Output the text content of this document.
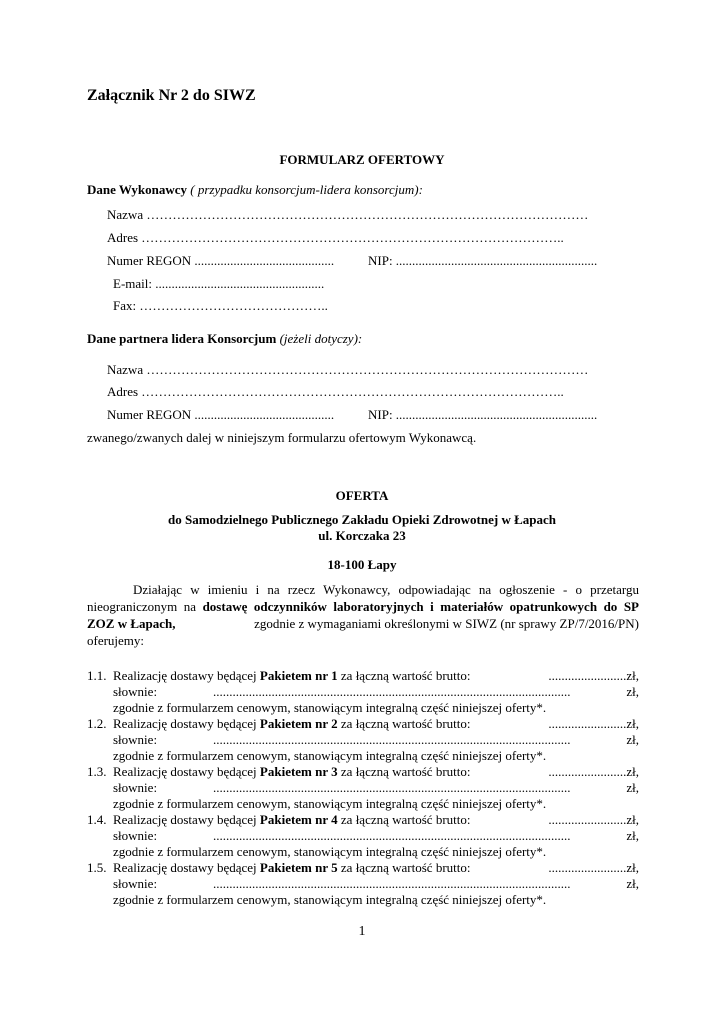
Załącznik Nr 2 do SIWZ
FORMULARZ OFERTOWY
Dane Wykonawcy ( przypadku konsorcjum-lidera konsorcjum):
Nazwa …………………………………………………………………………………………
Adres ……………………………………………………………………………………..
Numer REGON ...........................................	NIP: ..............................................................
E-mail: ....................................................
Fax: ……………………………………..
Dane partnera lidera Konsorcjum (jeżeli dotyczy):
Nazwa …………………………………………………………………………………………
Adres ……………………………………………………………………………………..
Numer REGON ...........................................	NIP: ..............................................................
zwanego/zwanych dalej w niniejszym formularzu ofertowym Wykonawcą.
OFERTA
do Samodzielnego Publicznego Zakładu Opieki Zdrowotnej w Łapach
ul. Korczaka 23
18-100 Łapy
Działając w imieniu i na rzecz Wykonawcy, odpowiadając na ogłoszenie - o przetargu
nieograniczonym na dostawę odczynników laboratoryjnych i materiałów opatrunkowych do SP
ZOZ w Łapach,	zgodnie z wymaganiami określonymi w SIWZ (nr sprawy ZP/7/2016/PN)
oferujemy:
1.1. Realizację dostawy będącej Pakietem nr 1 za łączną wartość brutto:	........................zł,
słownie:	..............................................................................................................	zł,
zgodnie z formularzem cenowym, stanowiącym integralną część niniejszej oferty*.
1.2. Realizację dostawy będącej Pakietem nr 2 za łączną wartość brutto:	........................zł,
słownie:	..............................................................................................................	zł,
zgodnie z formularzem cenowym, stanowiącym integralną część niniejszej oferty*.
1.3. Realizację dostawy będącej Pakietem nr 3 za łączną wartość brutto:	........................zł,
słownie:	..............................................................................................................	zł,
zgodnie z formularzem cenowym, stanowiącym integralną część niniejszej oferty*.
1.4. Realizację dostawy będącej Pakietem nr 4 za łączną wartość brutto:	........................zł,
słownie:	..............................................................................................................	zł,
zgodnie z formularzem cenowym, stanowiącym integralną część niniejszej oferty*.
1.5. Realizację dostawy będącej Pakietem nr 5 za łączną wartość brutto:	........................zł,
słownie:	..............................................................................................................	zł,
zgodnie z formularzem cenowym, stanowiącym integralną część niniejszej oferty*.
1
